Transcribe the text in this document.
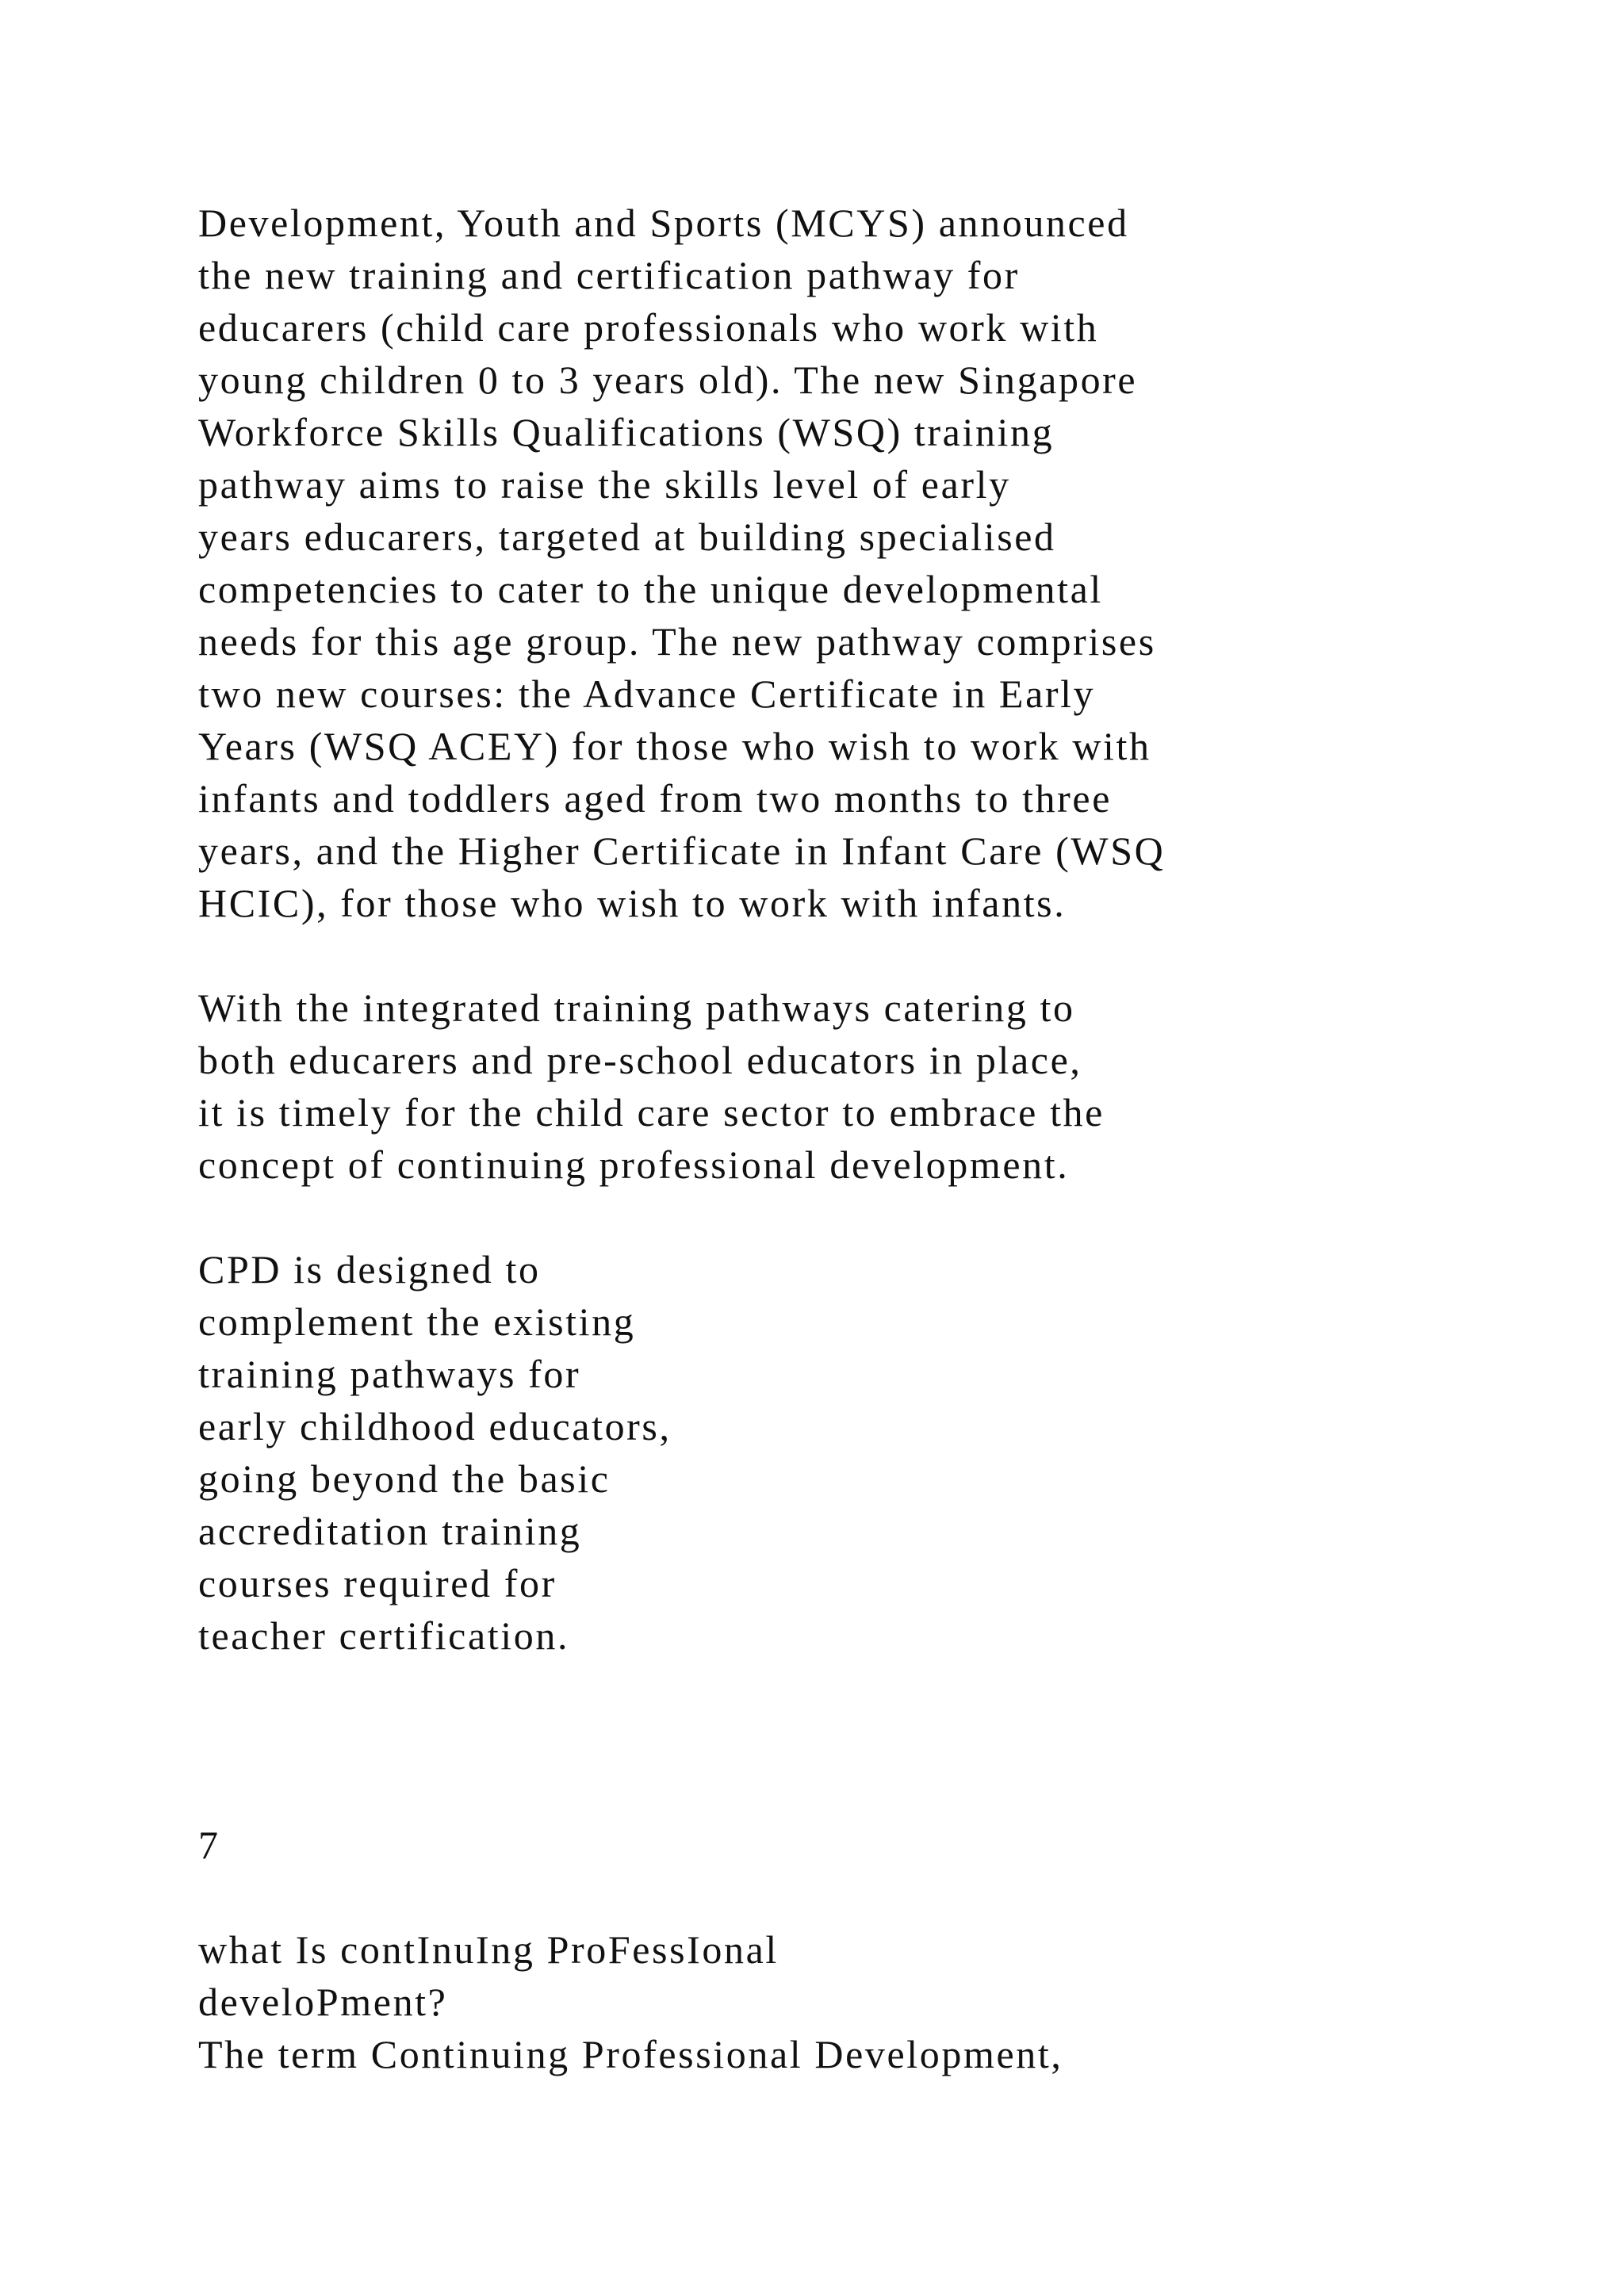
Development, Youth and Sports (MCYS) announced

the new training and certification pathway for

educarers (child care professionals who work with

young children 0 to 3 years old). The new Singapore

Workforce Skills Qualifications (WSQ) training

pathway aims to raise the skills level of early

years educarers, targeted at building specialised

competencies to cater to the unique developmental

needs for this age group. The new pathway comprises

two new courses: the Advance Certificate in Early

Years (WSQ ACEY) for those who wish to work with

infants and toddlers aged from two months to three

years, and the Higher Certificate in Infant Care (WSQ

HCIC), for those who wish to work with infants.

With the integrated training pathways catering to

both educarers and pre-school educators in place,

it is timely for the child care sector to embrace the

concept of continuing professional development.

CPD is designed to

complement the existing

training pathways for

early childhood educators,

going beyond the basic

accreditation training

courses required for

teacher certification.

7

what Is contInuIng ProFessIonal

develoPment?

The term Continuing Professional Development,
